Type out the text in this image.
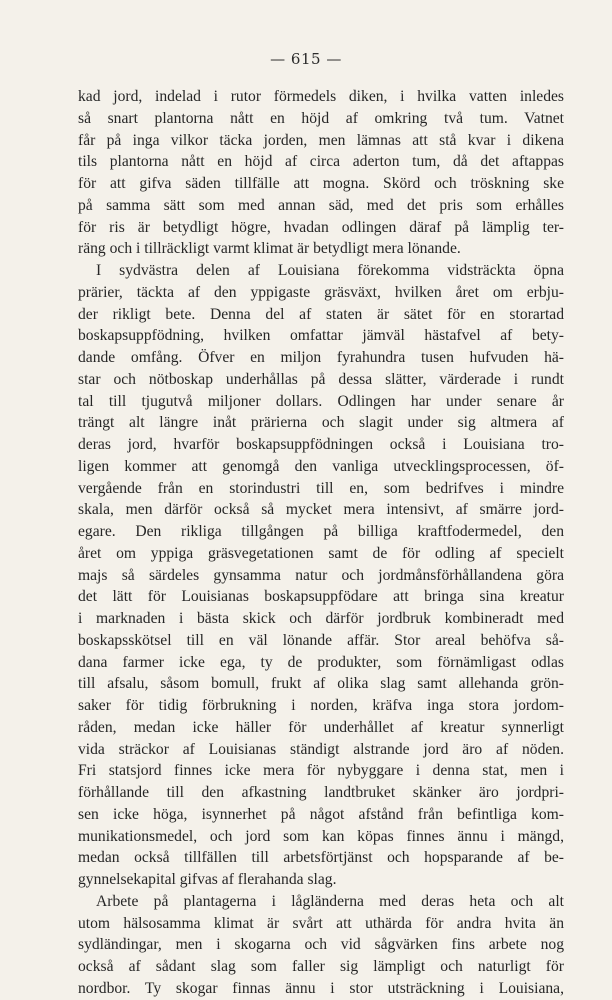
— 615 —
kad jord, indelad i rutor förmedels diken, i hvilka vatten inledes
så snart plantorna nått en höjd af omkring två tum. Vatnet
får på inga vilkor täcka jorden, men lämnas att stå kvar i dikena
tils plantorna nått en höjd af circa aderton tum, då det aftappas
för att gifva säden tillfälle att mogna. Skörd och tröskning ske
på samma sätt som med annan säd, med det pris som erhålles
för ris är betydligt högre, hvadan odlingen däraf på lämplig ter-
räng och i tillräckligt varmt klimat är betydligt mera lönande.
I sydvästra delen af Louisiana förekomma vidsträckta öpna
prärier, täckta af den yppigaste gräsväxt, hvilken året om erbju-
der rikligt bete. Denna del af staten är sätet för en storartad
boskapsuppfödning, hvilken omfattar jämväl hästafvel af bety-
dande omfång. Öfver en miljon fyrahundra tusen hufvuden hä-
star och nötboskap underhållas på dessa slätter, värderade i rundt
tal till tjugutvå miljoner dollars. Odlingen har under senare år
trängt alt längre inåt prärierna och slagit under sig altmera af
deras jord, hvarför boskapsuppfödningen också i Louisiana tro-
ligen kommer att genomgå den vanliga utvecklingsprocessen, öf-
vergående från en storindustri till en, som bedrifves i mindre
skala, men därför också så mycket mera intensivt, af smärre jord-
egare. Den rikliga tillgången på billiga kraftfodermedel, den
året om yppiga gräsvegetationen samt de för odling af specielt
majs så särdeles gynsamma natur och jordmånsförhållandena göra
det lätt för Louisianas boskapsuppfödare att bringa sina kreatur
i marknaden i bästa skick och därför jordbruk kombineradt med
boskapsskötsel till en väl lönande affär. Stor areal behöfva så-
dana farmer icke ega, ty de produkter, som förnämligast odlas
till afsalu, såsom bomull, frukt af olika slag samt allehanda grön-
saker för tidig förbrukning i norden, kräfva inga stora jordom-
råden, medan icke häller för underhållet af kreatur synnerligt
vida sträckor af Louisianas ständigt alstrande jord äro af nöden.
Fri statsjord finnes icke mera för nybyggare i denna stat, men i
förhållande till den afkastning landtbruket skänker äro jordpri-
sen icke höga, isynnerhet på något afstånd från befintliga kom-
munikationsmedel, och jord som kan köpas finnes ännu i mängd,
medan också tillfällen till arbetsförtjänst och hopsparande af be-
gynnelsekapital gifvas af flerahanda slag.
Arbete på plantagerna i lågländerna med deras heta och alt
utom hälsosamma klimat är svårt att uthärda för andra hvita än
sydländingar, men i skogarna och vid sågvärken fins arbete nog
också af sådant slag som faller sig lämpligt och naturligt för
nordbor. Ty skogar finnas ännu i stor utsträckning i Louisiana,
